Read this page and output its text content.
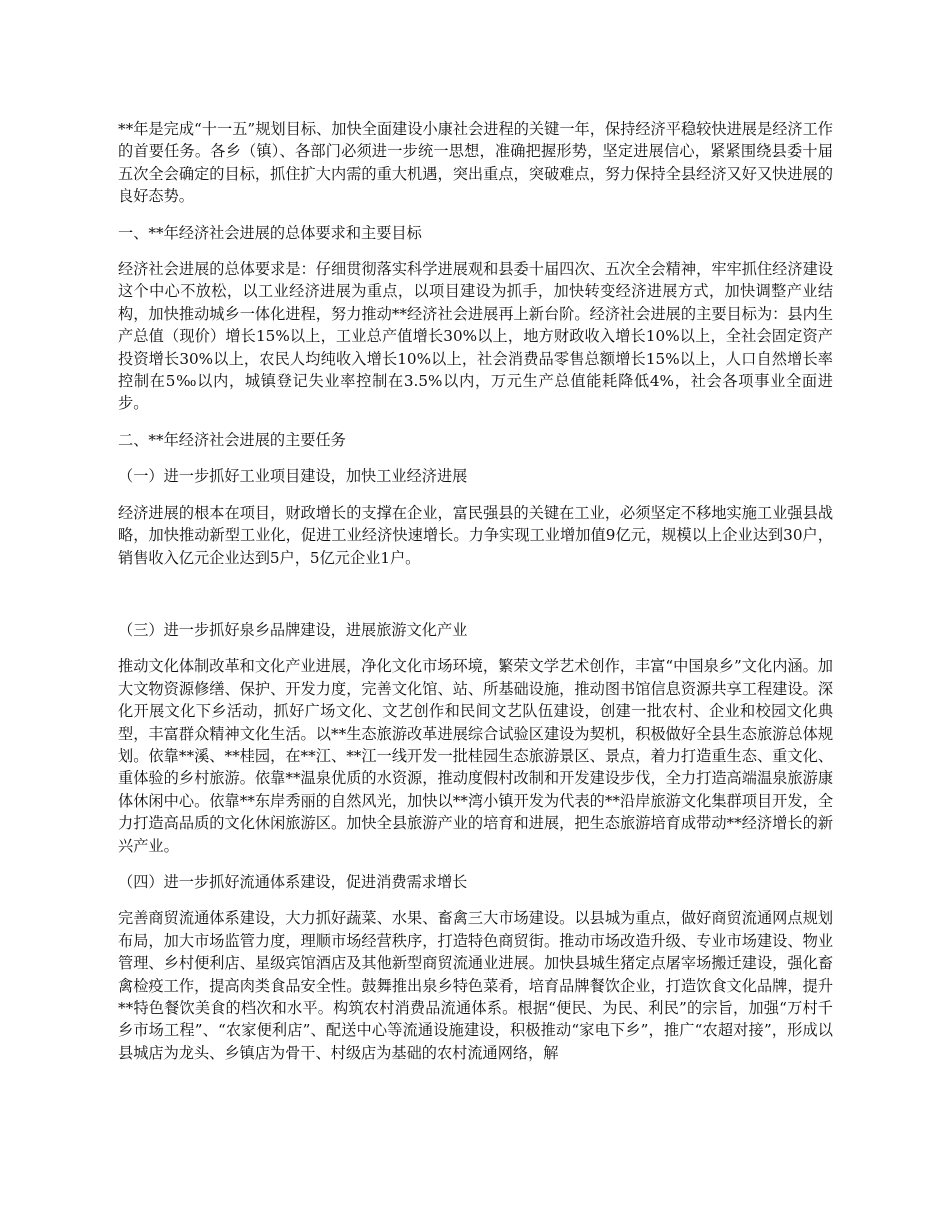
**年是完成“十一五”规划目标、加快全面建设小康社会进程的关键一年，保持经济平稳较快进展是经济工作的首要任务。各乡（镇）、各部门必须进一步统一思想，准确把握形势，坚定进展信心，紧紧围绕县委十届五次全会确定的目标，抓住扩大内需的重大机遇，突出重点，突破难点，努力保持全县经济又好又快进展的良好态势。

一、**年经济社会进展的总体要求和主要目标

经济社会进展的总体要求是：仔细贯彻落实科学进展观和县委十届四次、五次全会精神，牢牢抓住经济建设这个中心不放松，以工业经济进展为重点，以项目建设为抓手，加快转变经济进展方式，加快调整产业结构，加快推动城乡一体化进程，努力推动**经济社会进展再上新台阶。经济社会进展的主要目标为：县内生产总值（现价）增长15%以上，工业总产值增长30%以上，地方财政收入增长10%以上，全社会固定资产投资增长30%以上，农民人均纯收入增长10%以上，社会消费品零售总额增长15%以上，人口自然增长率控制在5‰以内，城镇登记失业率控制在3.5%以内，万元生产总值能耗降低4%，社会各项事业全面进步。

二、**年经济社会进展的主要任务

（一）进一步抓好工业项目建设，加快工业经济进展

经济进展的根本在项目，财政增长的支撑在企业，富民强县的关键在工业，必须坚定不移地实施工业强县战略，加快推动新型工业化，促进工业经济快速增长。力争实现工业增加值9亿元，规模以上企业达到30户，销售收入亿元企业达到5户，5亿元企业1户。

（三）进一步抓好泉乡品牌建设，进展旅游文化产业

推动文化体制改革和文化产业进展，净化文化市场环境，繁荣文学艺术创作，丰富“中国泉乡”文化内涵。加大文物资源修缮、保护、开发力度，完善文化馆、站、所基础设施，推动图书馆信息资源共享工程建设。深化开展文化下乡活动，抓好广场文化、文艺创作和民间文艺队伍建设，创建一批农村、企业和校园文化典型，丰富群众精神文化生活。以**生态旅游改革进展综合试验区建设为契机，积极做好全县生态旅游总体规划。依靠**溪、**桂园，在**江、**江一线开发一批桂园生态旅游景区、景点，着力打造重生态、重文化、重体验的乡村旅游。依靠**温泉优质的水资源，推动度假村改制和开发建设步伐，全力打造高端温泉旅游康体休闲中心。依靠**东岸秀丽的自然风光，加快以**湾小镇开发为代表的**沿岸旅游文化集群项目开发，全力打造高品质的文化休闲旅游区。加快全县旅游产业的培育和进展，把生态旅游培育成带动**经济增长的新兴产业。

（四）进一步抓好流通体系建设，促进消费需求增长

完善商贸流通体系建设，大力抓好蔬菜、水果、畜禽三大市场建设。以县城为重点，做好商贸流通网点规划布局，加大市场监管力度，理顺市场经营秩序，打造特色商贸街。推动市场改造升级、专业市场建设、物业管理、乡村便利店、星级宾馆酒店及其他新型商贸流通业进展。加快县城生猪定点屠宰场搬迁建设，强化畜禽检疫工作，提高肉类食品安全性。鼓舞推出泉乡特色菜肴，培育品牌餐饮企业，打造饮食文化品牌，提升**特色餐饮美食的档次和水平。构筑农村消费品流通体系。根据“便民、为民、利民”的宗旨，加强“万村千乡市场工程”、“农家便利店”、配送中心等流通设施建设，积极推动“家电下乡”，推广“农超对接”，形成以县城店为龙头、乡镇店为骨干、村级店为基础的农村流通网络，解
